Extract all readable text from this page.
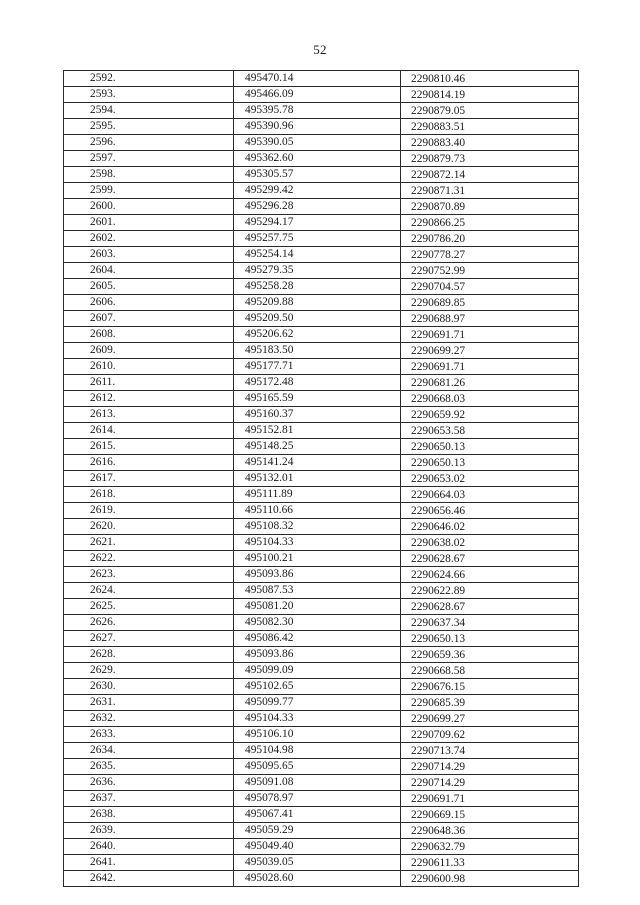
52
2592.	495470.14	2290810.46
2593.	495466.09	2290814.19
2594.	495395.78	2290879.05
2595.	495390.96	2290883.51
2596.	495390.05	2290883.40
2597.	495362.60	2290879.73
2598.	495305.57	2290872.14
2599.	495299.42	2290871.31
2600.	495296.28	2290870.89
2601.	495294.17	2290866.25
2602.	495257.75	2290786.20
2603.	495254.14	2290778.27
2604.	495279.35	2290752.99
2605.	495258.28	2290704.57
2606.	495209.88	2290689.85
2607.	495209.50	2290688.97
2608.	495206.62	2290691.71
2609.	495183.50	2290699.27
2610.	495177.71	2290691.71
2611.	495172.48	2290681.26
2612.	495165.59	2290668.03
2613.	495160.37	2290659.92
2614.	495152.81	2290653.58
2615.	495148.25	2290650.13
2616.	495141.24	2290650.13
2617.	495132.01	2290653.02
2618.	495111.89	2290664.03
2619.	495110.66	2290656.46
2620.	495108.32	2290646.02
2621.	495104.33	2290638.02
2622.	495100.21	2290628.67
2623.	495093.86	2290624.66
2624.	495087.53	2290622.89
2625.	495081.20	2290628.67
2626.	495082.30	2290637.34
2627.	495086.42	2290650.13
2628.	495093.86	2290659.36
2629.	495099.09	2290668.58
2630.	495102.65	2290676.15
2631.	495099.77	2290685.39
2632.	495104.33	2290699.27
2633.	495106.10	2290709.62
2634.	495104.98	2290713.74
2635.	495095.65	2290714.29
2636.	495091.08	2290714.29
2637.	495078.97	2290691.71
2638.	495067.41	2290669.15
2639.	495059.29	2290648.36
2640.	495049.40	2290632.79
2641.	495039.05	2290611.33
2642.	495028.60	2290600.98
